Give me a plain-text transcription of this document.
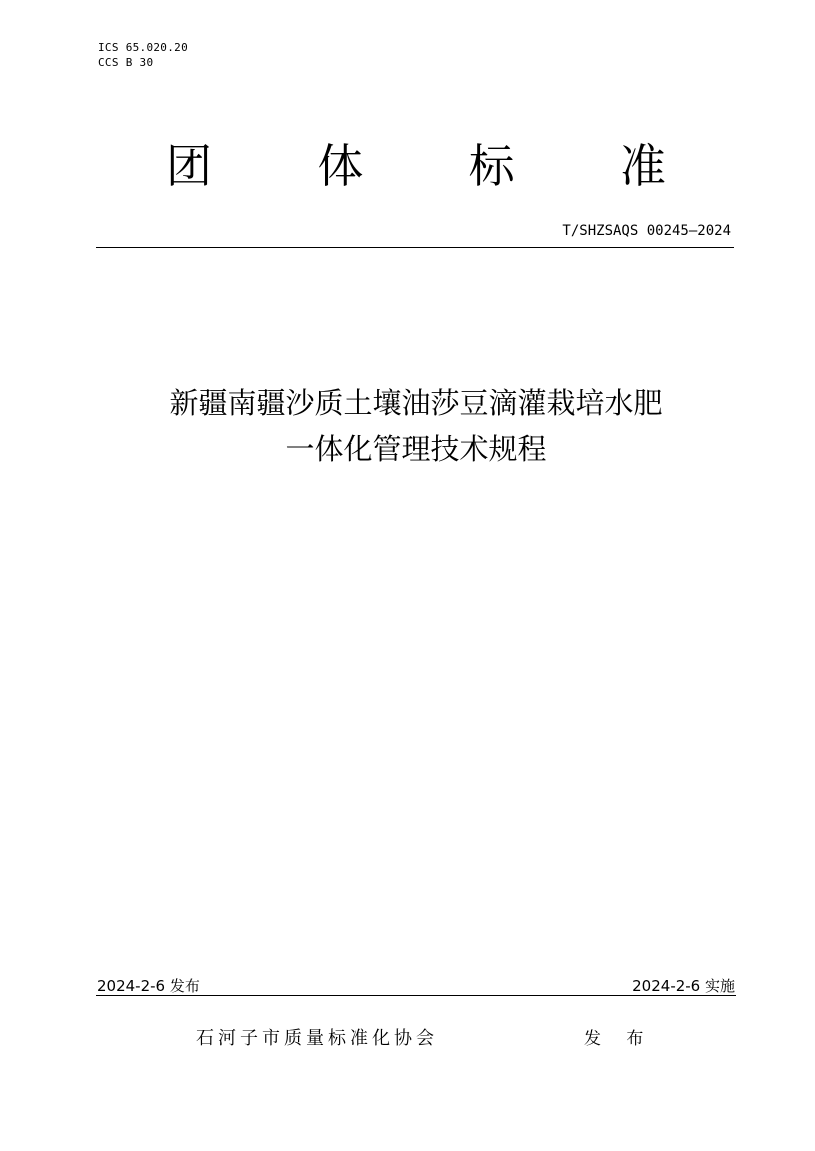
ICS 65.020.20
CCS B 30
团 体 标 准
T/SHZSAQS 00245—2024
新疆南疆沙质土壤油莎豆滴灌栽培水肥
一体化管理技术规程
2024-2-6 发布	2024-2-6 实施
石河子市质量标准化协会	发 布
